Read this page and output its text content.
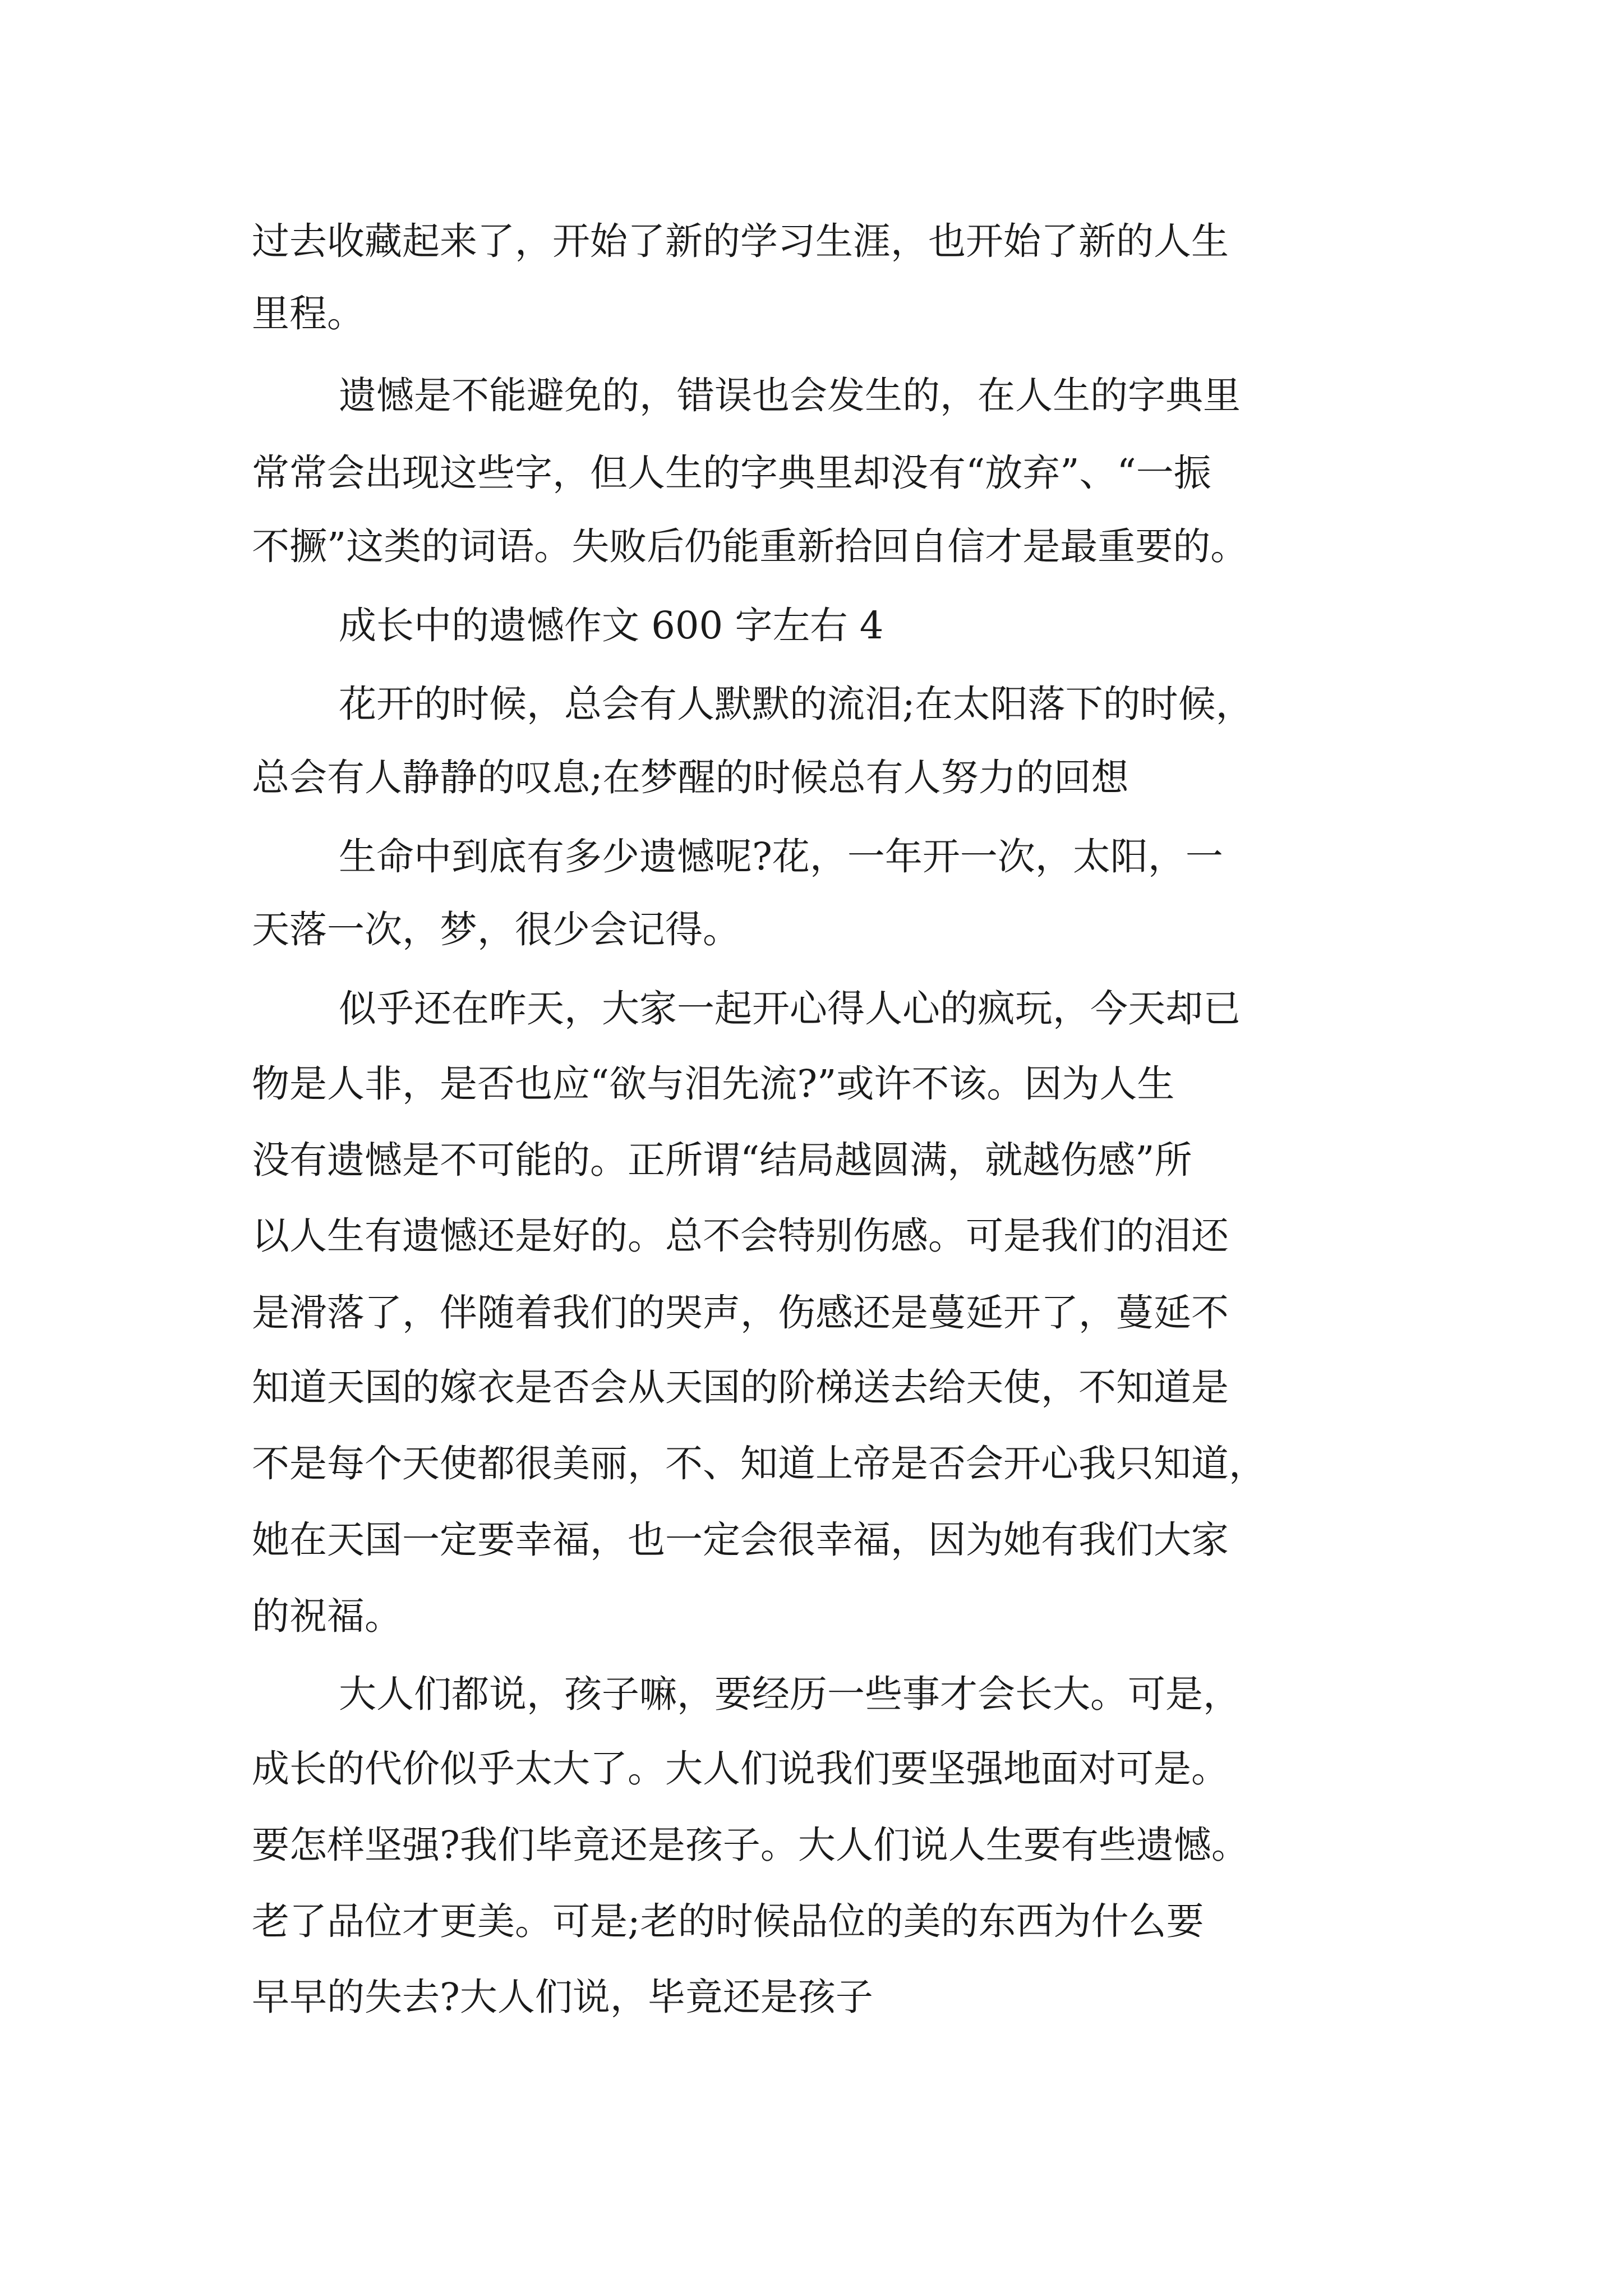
过去收藏起来了，开始了新的学习生涯，也开始了新的人生
里程。
遗憾是不能避免的，错误也会发生的，在人生的字典里
常常会出现这些字，但人生的字典里却没有“放弃”、“一振
不撅”这类的词语。失败后仍能重新拾回自信才是最重要的。
成长中的遗憾作文 600 字左右 4
花开的时候，总会有人默默的流泪;在太阳落下的时候，
总会有人静静的叹息;在梦醒的时候总有人努力的回想
生命中到底有多少遗憾呢?花，一年开一次，太阳，一
天落一次，梦，很少会记得。
似乎还在昨天，大家一起开心得人心的疯玩，今天却已
物是人非，是否也应“欲与泪先流?”或许不该。因为人生
没有遗憾是不可能的。正所谓“结局越圆满，就越伤感”所
以人生有遗憾还是好的。总不会特别伤感。可是我们的泪还
是滑落了，伴随着我们的哭声，伤感还是蔓延开了，蔓延不
知道天国的嫁衣是否会从天国的阶梯送去给天使，不知道是
不是每个天使都很美丽，不、知道上帝是否会开心我只知道，
她在天国一定要幸福，也一定会很幸福，因为她有我们大家
的祝福。
大人们都说，孩子嘛，要经历一些事才会长大。可是，
成长的代价似乎太大了。大人们说我们要坚强地面对可是。
要怎样坚强?我们毕竟还是孩子。大人们说人生要有些遗憾。
老了品位才更美。可是;老的时候品位的美的东西为什么要
早早的失去?大人们说，毕竟还是孩子
